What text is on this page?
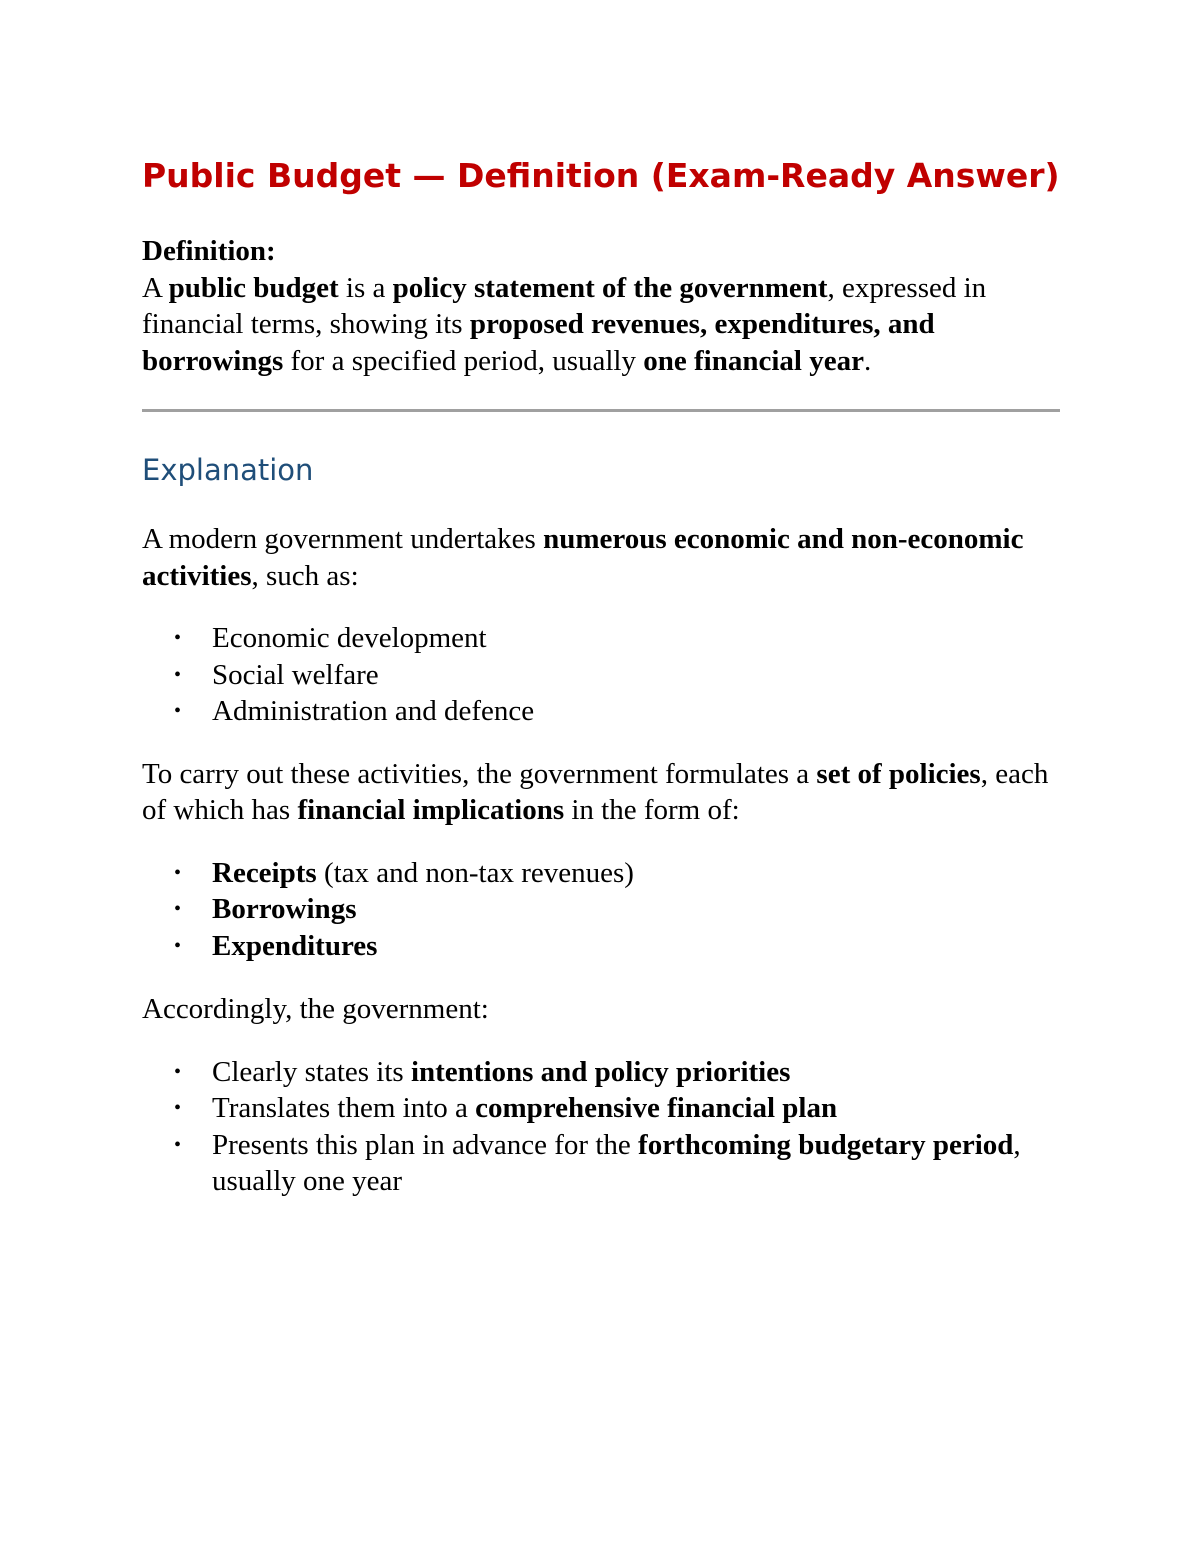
Public Budget — Definition (Exam-Ready Answer)
Definition:
A public budget is a policy statement of the government, expressed in financial terms, showing its proposed revenues, expenditures, and borrowings for a specified period, usually one financial year.
Explanation

A modern government undertakes numerous economic and non-economic activities, such as:

• Economic development
• Social welfare
• Administration and defence

To carry out these activities, the government formulates a set of policies, each of which has financial implications in the form of:

• Receipts (tax and non-tax revenues)
• Borrowings
• Expenditures

Accordingly, the government:

• Clearly states its intentions and policy priorities
• Translates them into a comprehensive financial plan
• Presents this plan in advance for the forthcoming budgetary period, usually one year
